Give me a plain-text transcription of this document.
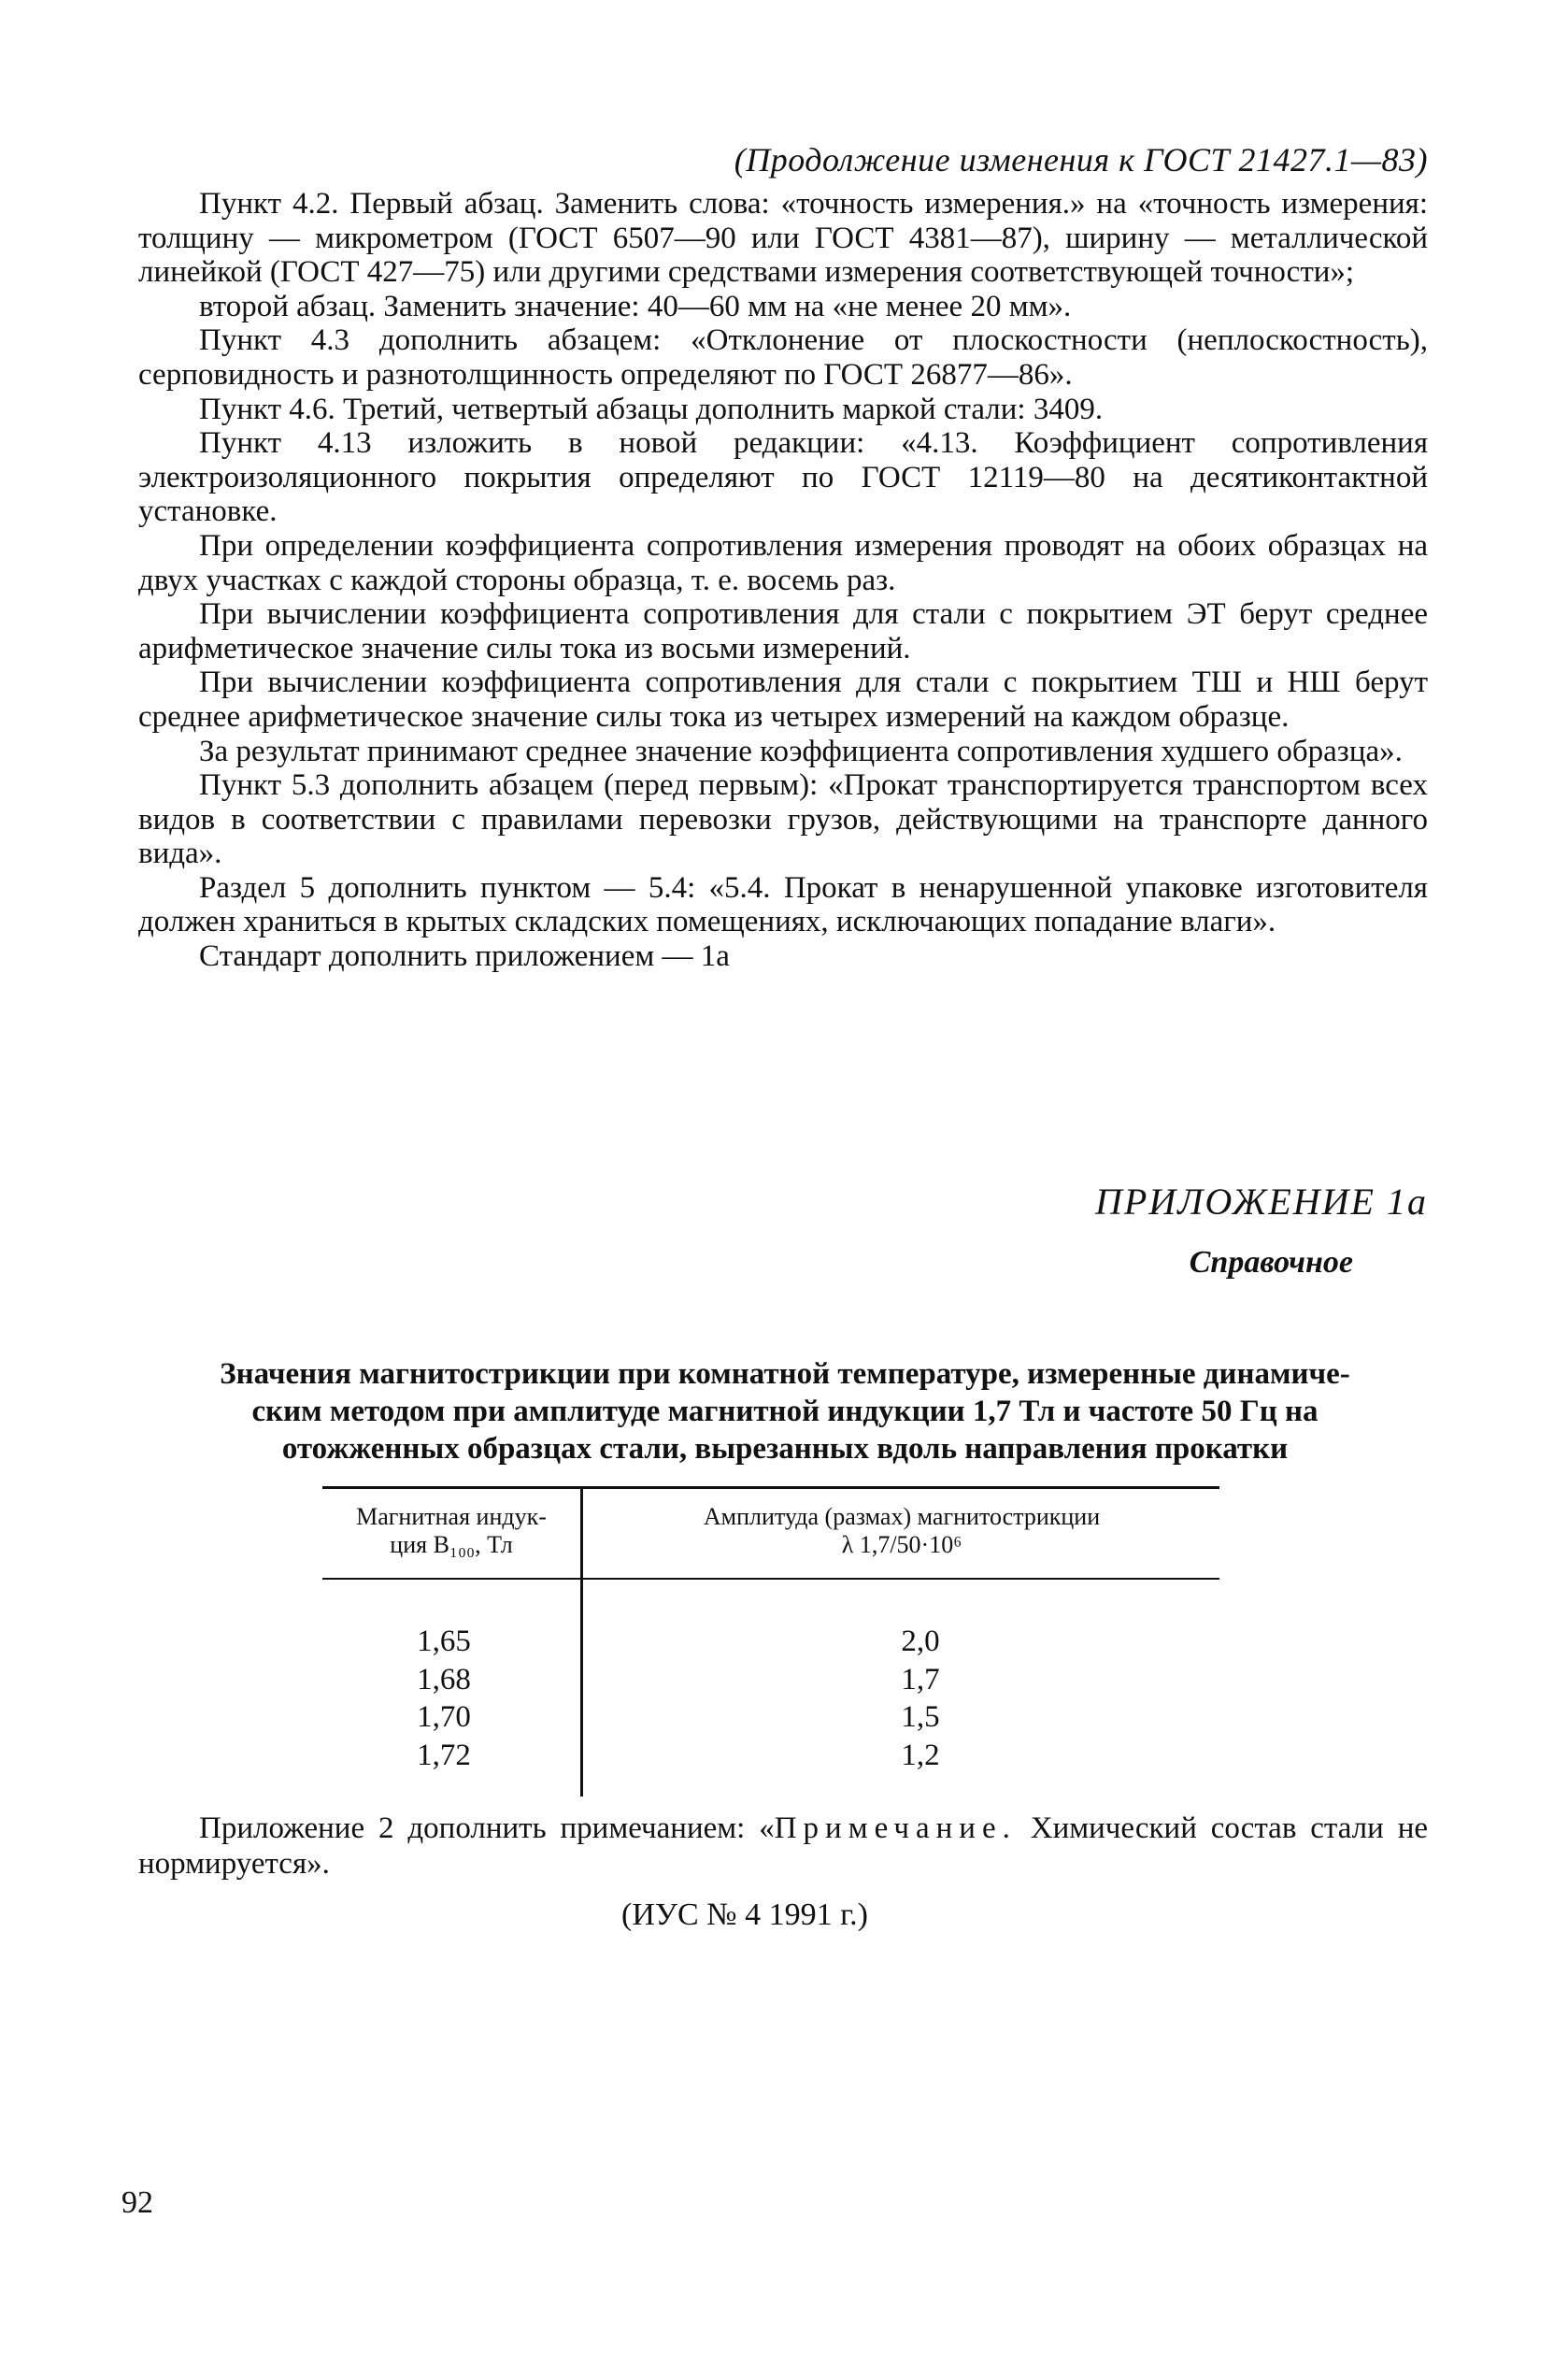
(Продолжение изменения к ГОСТ 21427.1—83)

Пункт 4.2. Первый абзац. Заменить слова: «точность измерения.» на «точность измерения: толщину — микрометром (ГОСТ 6507—90 или ГОСТ 4381—87), ширину — металлической линейкой (ГОСТ 427—75) или другими средствами измерения соответствующей точности»;

второй абзац. Заменить значение: 40—60 мм на «не менее 20 мм».

Пункт 4.3 дополнить абзацем: «Отклонение от плоскостности (неплоскостность), серповидность и разнотолщинность определяют по ГОСТ 26877—86».

Пункт 4.6. Третий, четвертый абзацы дополнить маркой стали: 3409.

Пункт 4.13 изложить в новой редакции: «4.13. Коэффициент сопротивления электроизоляционного покрытия определяют по ГОСТ 12119—80 на десятиконтактной установке.

При определении коэффициента сопротивления измерения проводят на обоих образцах на двух участках с каждой стороны образца, т. е. восемь раз.

При вычислении коэффициента сопротивления для стали с покрытием ЭТ берут среднее арифметическое значение силы тока из восьми измерений.

При вычислении коэффициента сопротивления для стали с покрытием ТШ и НШ берут среднее арифметическое значение силы тока из четырех измерений на каждом образце.

За результат принимают среднее значение коэффициента сопротивления худшего образца».

Пункт 5.3 дополнить абзацем (перед первым): «Прокат транспортируется транспортом всех видов в соответствии с правилами перевозки грузов, действующими на транспорте данного вида».

Раздел 5 дополнить пунктом — 5.4: «5.4. Прокат в ненарушенной упаковке изготовителя должен храниться в крытых складских помещениях, исключающих попадание влаги».

Стандарт дополнить приложением — 1а

ПРИЛОЖЕНИЕ 1а
Справочное

Значения магнитострикции при комнатной температуре, измеренные динамиче-

ским методом при амплитуде магнитной индукции 1,7 Тл и частоте 50 Гц на

отожженных образцах стали, вырезанных вдоль направления прокатки

Магнитная индук-
ция B₁₀₀, Тл
Амплитуда (размах) магнитострикции
λ 1,7/50·10⁶
1,65
1,68
1,70
1,72
2,0
1,7
1,5
1,2

Приложение 2 дополнить примечанием: «Примечание. Химический состав стали не нормируется».

(ИУС № 4 1991 г.)
92
